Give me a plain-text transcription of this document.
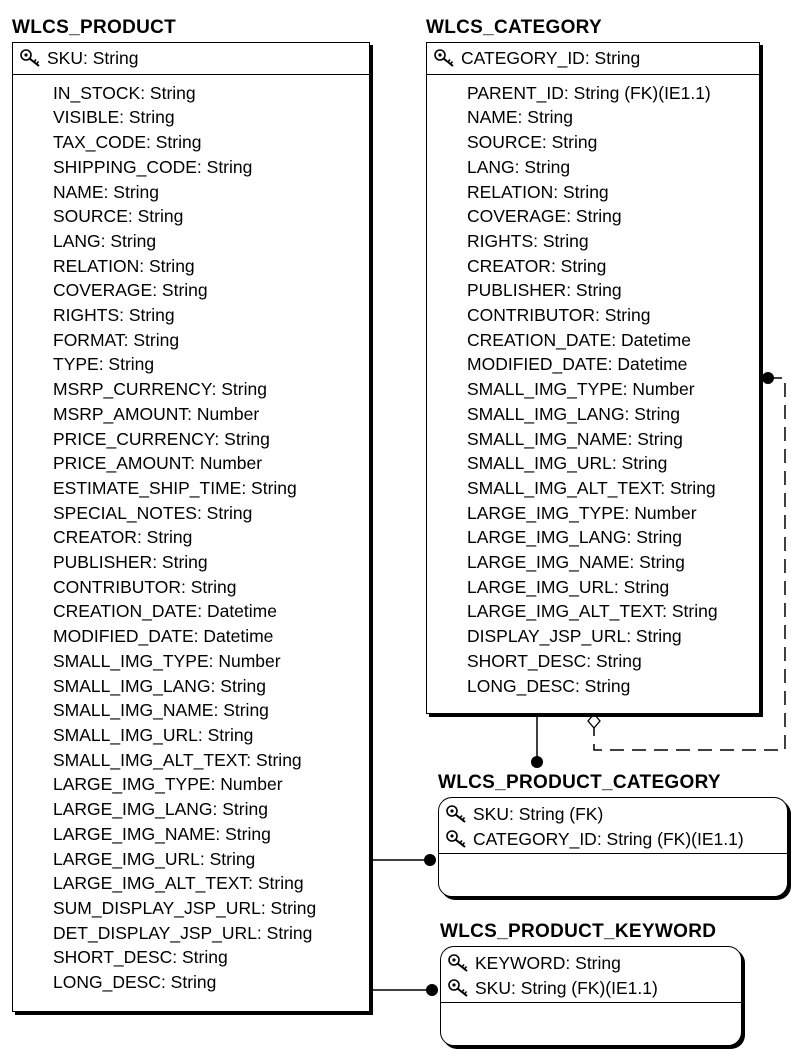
WLCS_PRODUCT
SKU: String
IN_STOCK: String
VISIBLE: String
TAX_CODE: String
SHIPPING_CODE: String
NAME: String
SOURCE: String
LANG: String
RELATION: String
COVERAGE: String
RIGHTS: String
FORMAT: String
TYPE: String
MSRP_CURRENCY: String
MSRP_AMOUNT: Number
PRICE_CURRENCY: String
PRICE_AMOUNT: Number
ESTIMATE_SHIP_TIME: String
SPECIAL_NOTES: String
CREATOR: String
PUBLISHER: String
CONTRIBUTOR: String
CREATION_DATE: Datetime
MODIFIED_DATE: Datetime
SMALL_IMG_TYPE: Number
SMALL_IMG_LANG: String
SMALL_IMG_NAME: String
SMALL_IMG_URL: String
SMALL_IMG_ALT_TEXT: String
LARGE_IMG_TYPE: Number
LARGE_IMG_LANG: String
LARGE_IMG_NAME: String
LARGE_IMG_URL: String
LARGE_IMG_ALT_TEXT: String
SUM_DISPLAY_JSP_URL: String
DET_DISPLAY_JSP_URL: String
SHORT_DESC: String
LONG_DESC: String
WLCS_CATEGORY
CATEGORY_ID: String
PARENT_ID: String (FK)(IE1.1)
NAME: String
SOURCE: String
LANG: String
RELATION: String
COVERAGE: String
RIGHTS: String
CREATOR: String
PUBLISHER: String
CONTRIBUTOR: String
CREATION_DATE: Datetime
MODIFIED_DATE: Datetime
SMALL_IMG_TYPE: Number
SMALL_IMG_LANG: String
SMALL_IMG_NAME: String
SMALL_IMG_URL: String
SMALL_IMG_ALT_TEXT: String
LARGE_IMG_TYPE: Number
LARGE_IMG_LANG: String
LARGE_IMG_NAME: String
LARGE_IMG_URL: String
LARGE_IMG_ALT_TEXT: String
DISPLAY_JSP_URL: String
SHORT_DESC: String
LONG_DESC: String
WLCS_PRODUCT_CATEGORY
SKU: String (FK)
CATEGORY_ID: String (FK)(IE1.1)
WLCS_PRODUCT_KEYWORD
KEYWORD: String
SKU: String (FK)(IE1.1)
